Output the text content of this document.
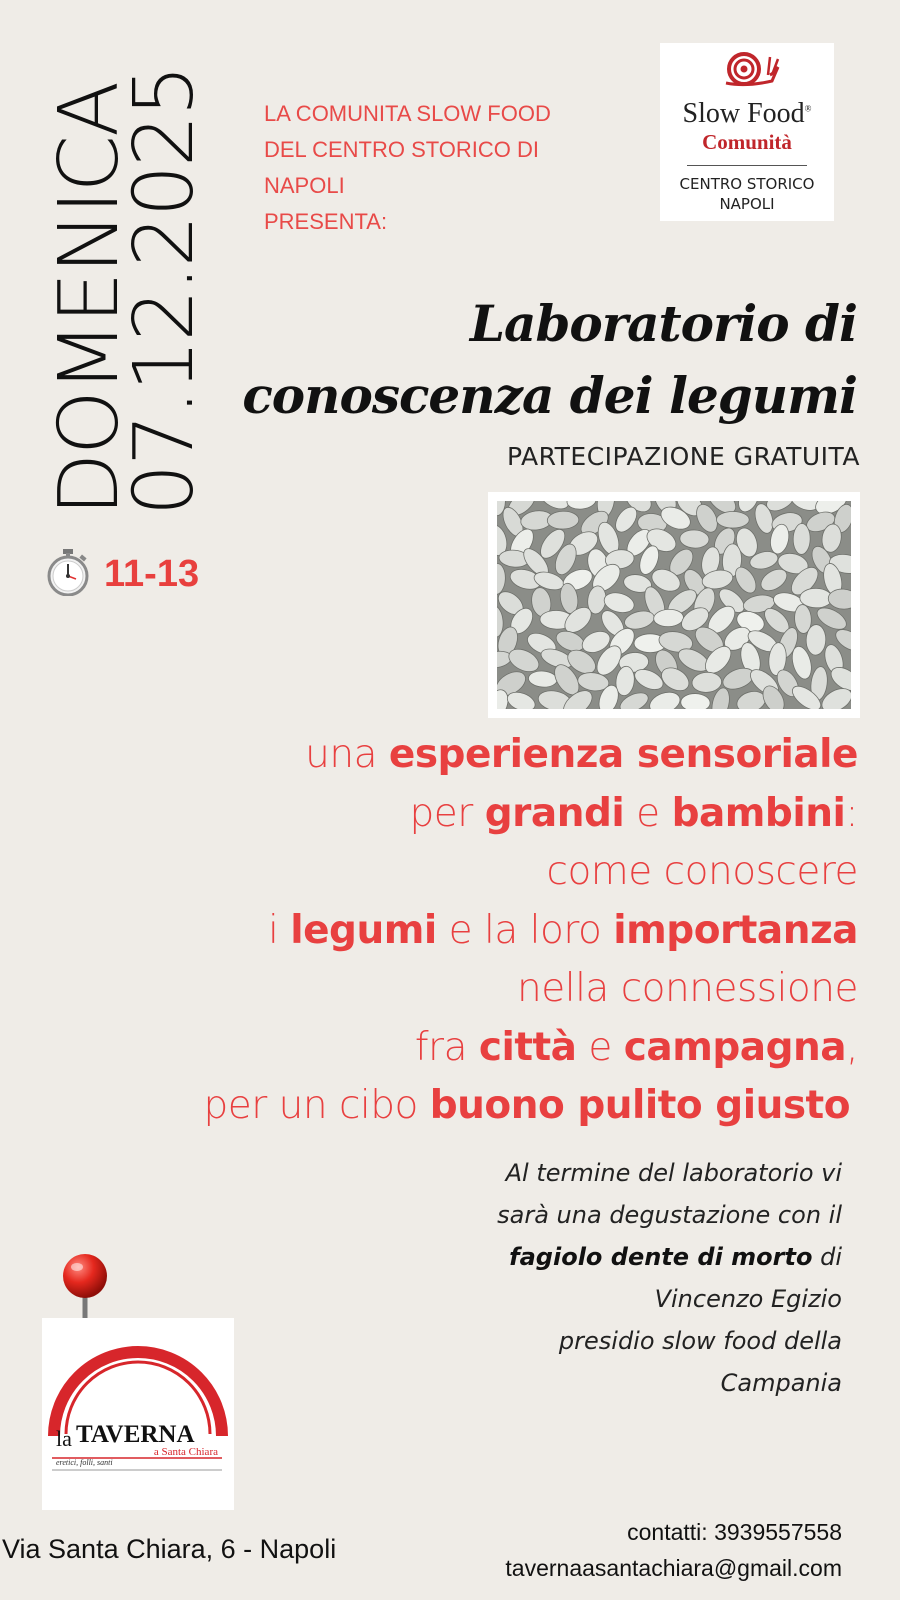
DOMENICA
07.12.2025 LA COMUNITA SLOW FOOD
DEL CENTRO STORICO DI
NAPOLI
PRESENTA:
Slow Food®
Comunità
CENTRO STORICO
NAPOLI
Laboratorio di
conoscenza dei legumi
PARTECIPAZIONE GRATUITA
11-13
una esperienza sensoriale
per grandi e bambini:
come conoscere
i legumi e la loro importanza
nella connessione
fra città e campagna,
per un cibo buono pulito giusto
Al termine del laboratorio vi
sarà una degustazione con il
fagiolo dente di morto di
Vincenzo Egizio
presidio slow food della
Campania
la TAVERNA
a Santa Chiara
eretici, folli, santi
Via Santa Chiara, 6 - Napoli
contatti: 3939557558
tavernaasantachiara@gmail.com
